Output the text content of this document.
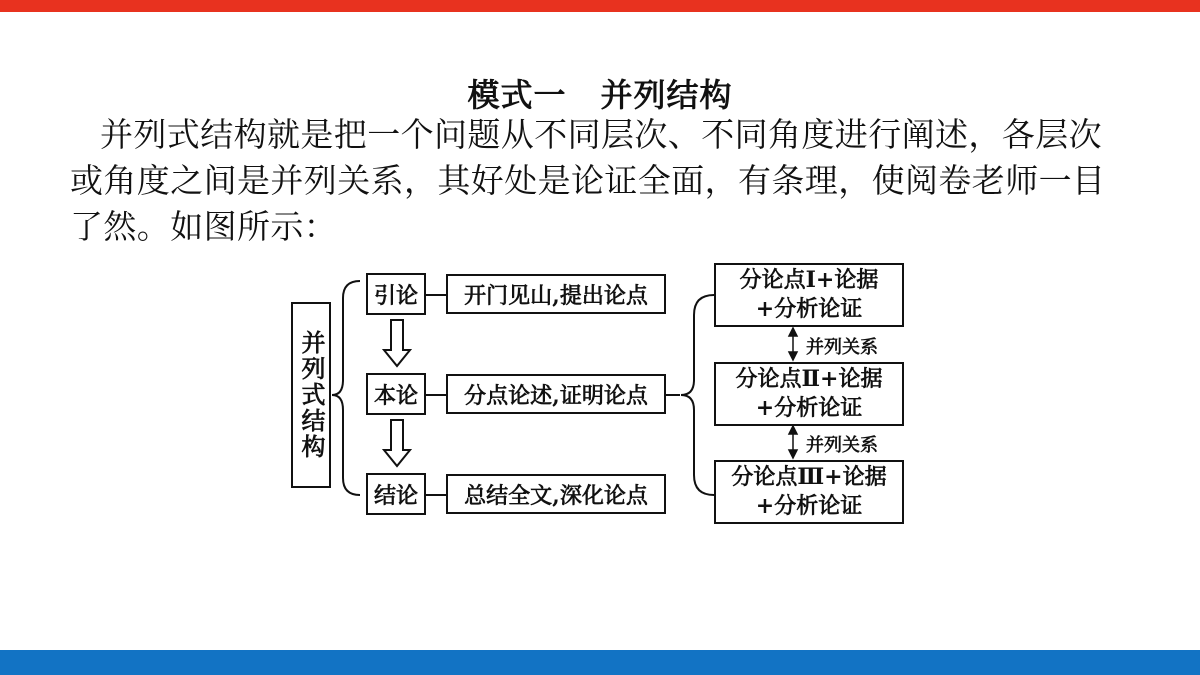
模式一 并列结构
并列式结构就是把一个问题从不同层次、不同角度进行阐述，各层次或角度之间是并列关系，其好处是论证全面，有条理，使阅卷老师一目了然。如图所示：
并列式结构
引论
本论
结论
开门见山,提出论点
分点论述,证明论点
总结全文,深化论点
分论点Ⅰ+论据
+分析论证
分论点Ⅱ+论据
+分析论证
分论点Ⅲ+论据
+分析论证
并列关系
并列关系
